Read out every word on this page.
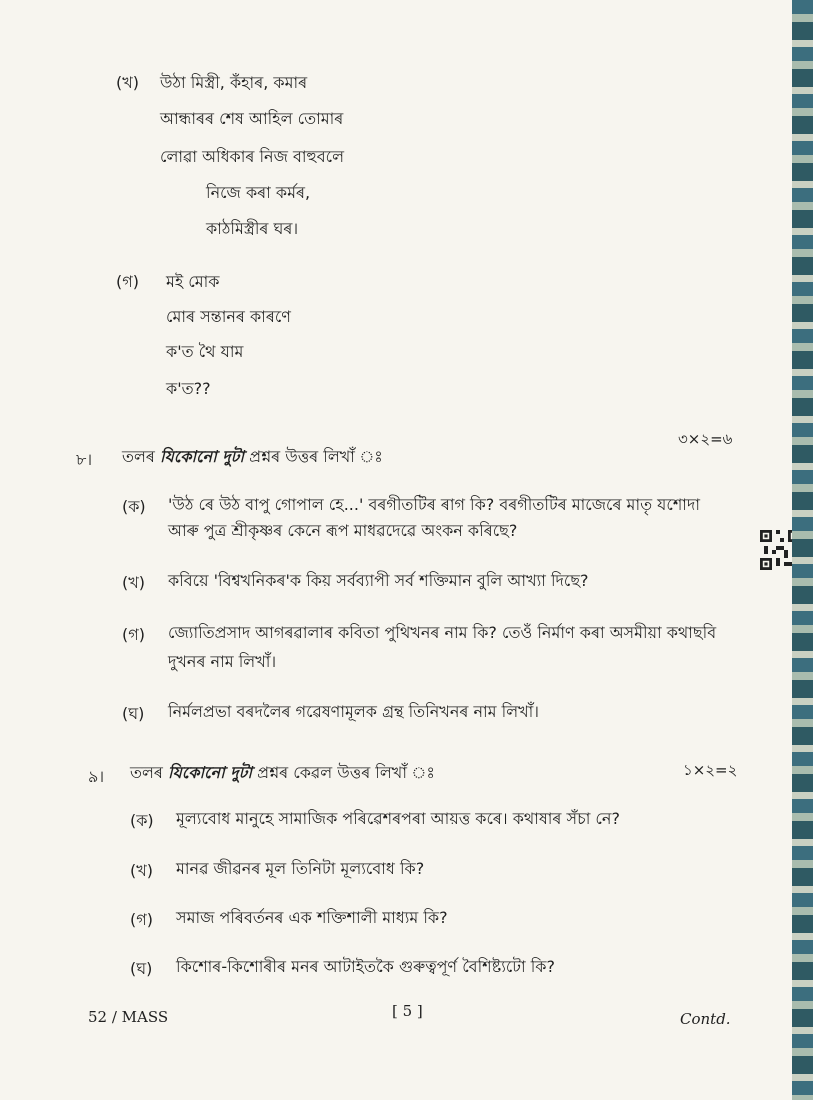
(খ) উঠা মিস্ত্ৰী, কঁহাৰ, কমাৰ
আন্ধাৰৰ শেষ আহিল তোমাৰ
লোৱা অধিকাৰ নিজ বাহুবলে
নিজে কৰা কৰ্মৰ,
কাঠমিস্ত্ৰীৰ ঘৰ।
(গ) মই মোক
মোৰ সন্তানৰ কাৰণে
ক'ত থৈ যাম
ক'ত??
৩×২=৬
৮। তলৰ যিকোনো দুটা প্ৰশ্নৰ উত্তৰ লিখাঁ ঃ
(ক) 'উঠ ৰে উঠ বাপু গোপাল হে...' বৰগীতটিৰ ৰাগ কি? বৰগীতটিৰ মাজেৰে মাতৃ যশোদা
আৰু পুত্ৰ শ্ৰীকৃষ্ণৰ কেনে ৰূপ মাধৱদেৱে অংকন কৰিছে?
(খ) কবিয়ে 'বিশ্বখনিকৰ'ক কিয় সৰ্বব্যাপী সৰ্ব শক্তিমান বুলি আখ্যা দিছে?
(গ) জ্যোতিপ্ৰসাদ আগৰৱালাৰ কবিতা পুথিখনৰ নাম কি? তেওঁ নিৰ্মাণ কৰা অসমীয়া কথাছবি
দুখনৰ নাম লিখাঁ।
(ঘ) নিৰ্মলপ্ৰভা বৰদলৈৰ গৱেষণামূলক গ্ৰন্থ তিনিখনৰ নাম লিখাঁ।
১×২=২
৯। তলৰ যিকোনো দুটা প্ৰশ্নৰ কেৱল উত্তৰ লিখাঁ ঃ
(ক) মূল্যবোধ মানুহে সামাজিক পৰিৱেশৰপৰা আয়ত্ত কৰে। কথাষাৰ সঁচা নে?
(খ) মানৱ জীৱনৰ মূল তিনিটা মূল্যবোধ কি?
(গ) সমাজ পৰিবৰ্তনৰ এক শক্তিশালী মাধ্যম কি?
(ঘ) কিশোৰ-কিশোৰীৰ মনৰ আটাইতকৈ গুৰুত্বপূৰ্ণ বৈশিষ্ট্যটো কি?
52 / MASS	[ 5 ]	Contd.
